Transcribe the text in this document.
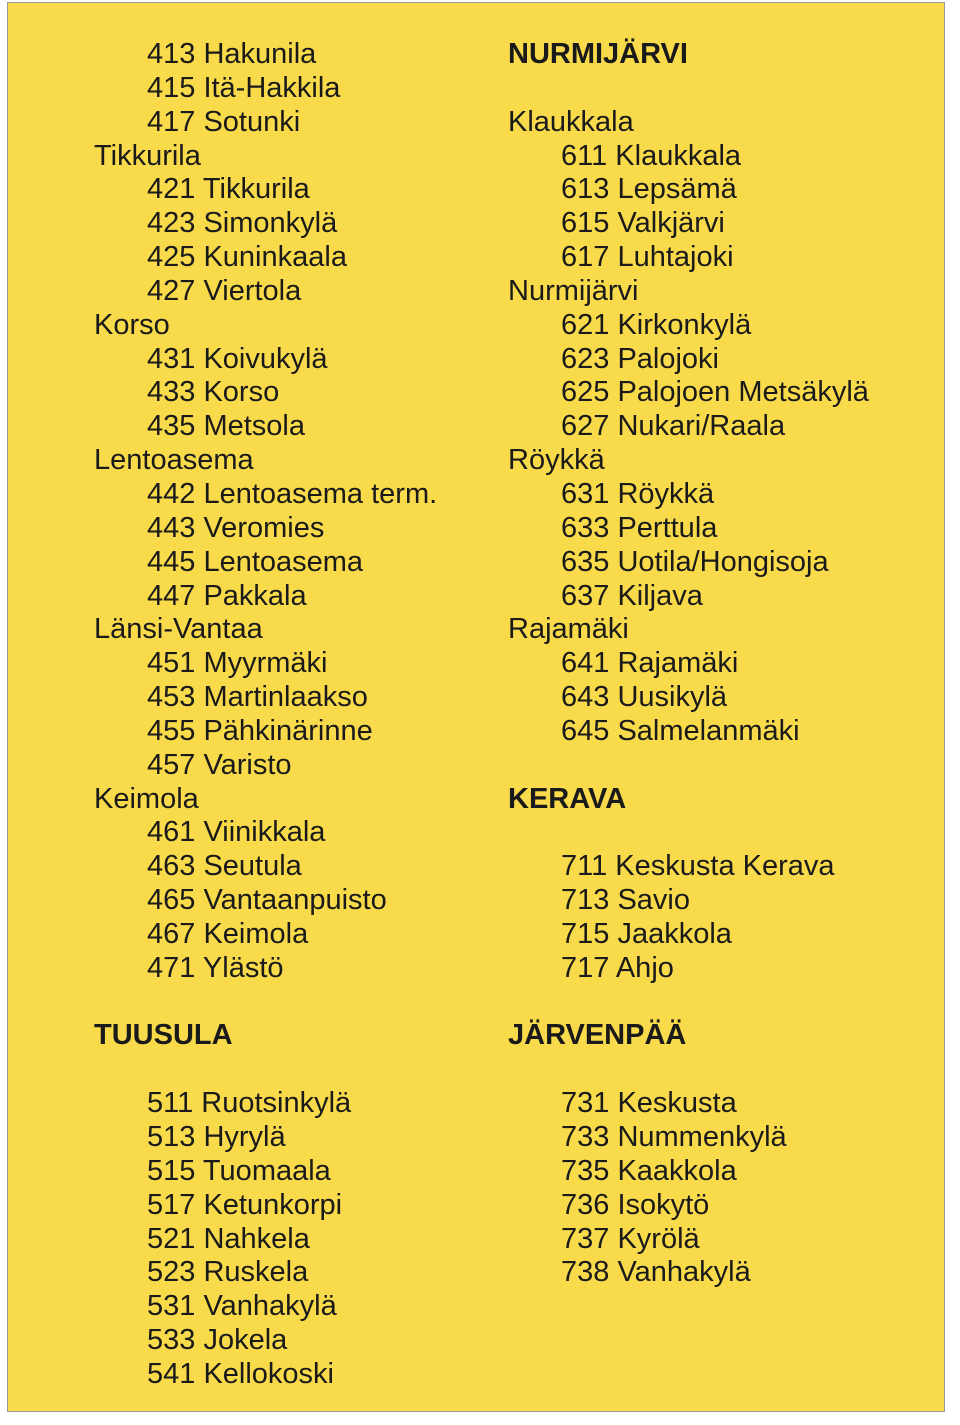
413 Hakunila
415 Itä-Hakkila
417 Sotunki
Tikkurila
421 Tikkurila
423 Simonkylä
425 Kuninkaala
427 Viertola
Korso
431 Koivukylä
433 Korso
435 Metsola
Lentoasema
442 Lentoasema term.
443 Veromies
445 Lentoasema
447 Pakkala
Länsi-Vantaa
451 Myyrmäki
453 Martinlaakso
455 Pähkinärinne
457 Varisto
Keimola
461 Viinikkala
463 Seutula
465 Vantaanpuisto
467 Keimola
471 Ylästö
TUUSULA
511 Ruotsinkylä
513 Hyrylä
515 Tuomaala
517 Ketunkorpi
521 Nahkela
523 Ruskela
531 Vanhakylä
533 Jokela
541 Kellokoski
NURMIJÄRVI
Klaukkala
611 Klaukkala
613 Lepsämä
615 Valkjärvi
617 Luhtajoki
Nurmijärvi
621 Kirkonkylä
623 Palojoki
625 Palojoen Metsäkylä
627 Nukari/Raala
Röykkä
631 Röykkä
633 Perttula
635 Uotila/Hongisoja
637 Kiljava
Rajamäki
641 Rajamäki
643 Uusikylä
645 Salmelanmäki
KERAVA
711 Keskusta Kerava
713 Savio
715 Jaakkola
717 Ahjo
JÄRVENPÄÄ
731 Keskusta
733 Nummenkylä
735 Kaakkola
736 Isokytö
737 Kyrölä
738 Vanhakylä
